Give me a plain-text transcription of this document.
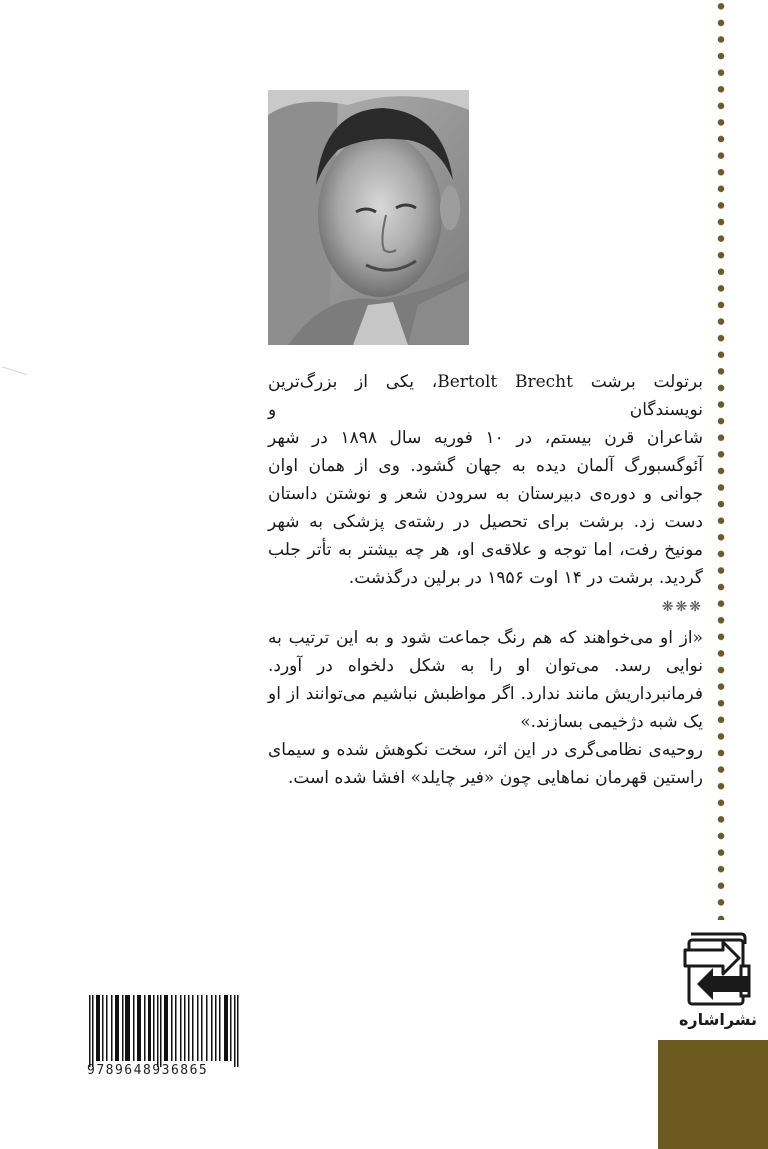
برتولت برشت Bertolt Brecht، یکی از بزرگ‌ترین نویسندگان و
شاعران قرن بیستم، در ۱۰ فوریه سال ۱۸۹۸ در شهر
آئوگسبورگ آلمان دیده به جهان گشود. وی از همان اوان
جوانی و دوره‌ی دبیرستان به سرودن شعر و نوشتن داستان
دست زد. برشت برای تحصیل در رشته‌ی پزشکی به شهر
مونیخ رفت، اما توجه و علاقه‌ی او، هر چه بیشتر به تأتر جلب
گردید. برشت در ۱۴ اوت ۱۹۵۶ در برلین درگذشت.

❋❋❋

«از او می‌خواهند که هم رنگ جماعت شود و به این ترتیب به
نوایی رسد. می‌توان او را به شکل دلخواه در آورد.
فرمانبرداریش مانند ندارد. اگر مواظبش نباشیم می‌توانند از او
یک شبه دژخیمی بسازند.»

روحیه‌ی نظامی‌گری در این اثر، سخت نکوهش شده و سیمای
راستین قهرمان نماهایی چون «فیر چایلد» افشا شده است.

نشراشاره
9789648936865
